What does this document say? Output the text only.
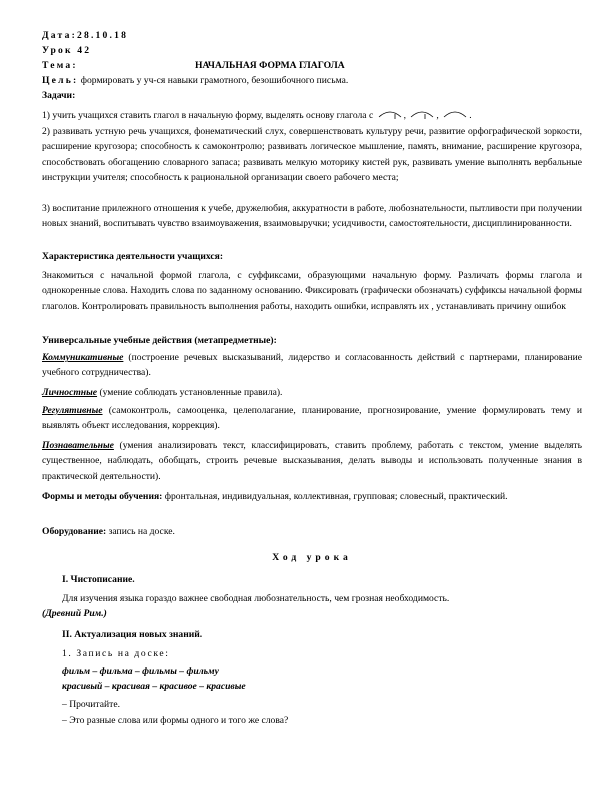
Дата:28.10.18
Урок 42
Тема:	НАЧАЛЬНАЯ ФОРМА ГЛАГОЛА
Цель: формировать у уч-ся навыки грамотного, безошибочного письма.
Задачи:
1) учить учащихся ставить глагол в начальную форму, выделять основу глагола с	,	,	.
2) развивать устную речь учащихся, фонематический слух, совершенствовать культуру речи, развитие орфографической зоркости, расширение кругозора; способность к самоконтролю; развивать логическое мышление, память, внимание, расширение кругозора, способствовать обогащению словарного запаса; развивать мелкую моторику кистей рук, развивать умение выполнять вербальные инструкции учителя; способность к рациональной организации своего рабочего места;
3) воспитание прилежного отношения к учебе, дружелюбия, аккуратности в работе, любознательности, пытливости при получении новых знаний, воспитывать чувство взаимоуважения, взаимовыручки; усидчивости, самостоятельности, дисциплинированности.
Характеристика деятельности учащихся:
Знакомиться с начальной формой глагола, с суффиксами, образующими начальную форму. Различать формы глагола и однокоренные слова. Находить слова по заданному основанию. Фиксировать (графически обозначать) суффиксы начальной формы глаголов. Контролировать правильность выполнения работы, находить ошибки, исправлять их , устанавливать причину ошибок
Универсальные учебные действия (метапредметные):
Коммуникативные (построение речевых высказываний, лидерство и согласованность действий с партнерами, планирование учебного сотрудничества).
Личностные (умение соблюдать установленные правила).
Регулятивные (самоконтроль, самооценка, целеполагание, планирование, прогнозирование, умение формулировать тему и выявлять объект исследования, коррекция).
Познавательные (умения анализировать текст, классифицировать, ставить проблему, работать с текстом, умение выделять существенное, наблюдать, обобщать, строить речевые высказывания, делать выводы и использовать полученные знания в практической деятельности).
Формы и методы обучения: фронтальная, индивидуальная, коллективная, групповая; словесный, практический.
Оборудование: запись на доске.
Ход урока
I. Чистописание.
Для изучения языка гораздо важнее свободная любознательность, чем грозная необходимость.
(Древний Рим.)
II. Актуализация новых знаний.
1. Запись на доске:
фильм – фильма – фильмы – фильму
красивый – красивая – красивое – красивые
– Прочитайте.
– Это разные слова или формы одного и того же слова?
